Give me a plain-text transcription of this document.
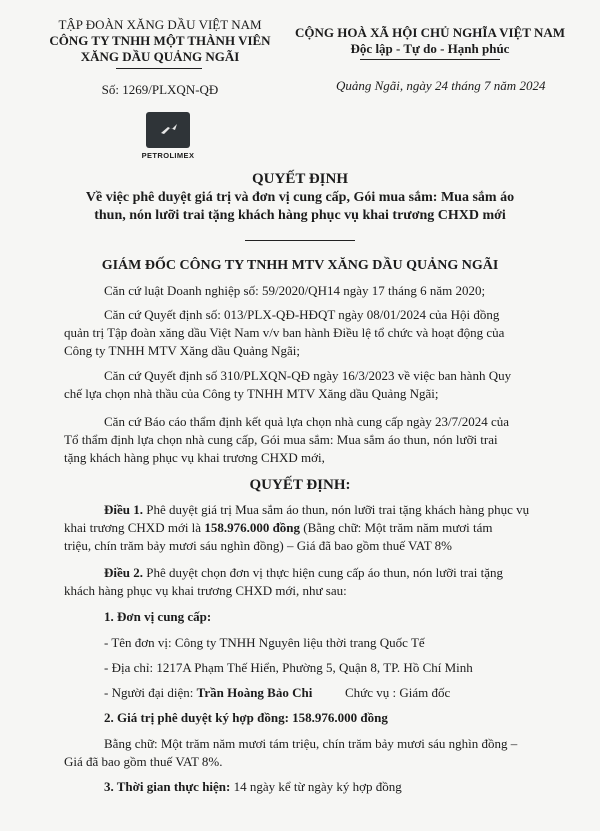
TẬP ĐOÀN XĂNG DẦU VIỆT NAM
CÔNG TY TNHH MỘT THÀNH VIÊN
XĂNG DẦU QUẢNG NGÃI
Số: 1269/PLXQN-QĐ
PETROLIMEX
CỘNG HOÀ XÃ HỘI CHỦ NGHĨA VIỆT NAM
Độc lập - Tự do - Hạnh phúc
Quảng Ngãi, ngày 24 tháng 7 năm 2024
QUYẾT ĐỊNH
Về việc phê duyệt giá trị và đơn vị cung cấp, Gói mua sắm: Mua sắm áo
thun, nón lưỡi trai tặng khách hàng phục vụ khai trương CHXD mới
GIÁM ĐỐC CÔNG TY TNHH MTV XĂNG DẦU QUẢNG NGÃI
Căn cứ luật Doanh nghiệp số: 59/2020/QH14 ngày 17 tháng 6 năm 2020;
Căn cứ Quyết định số: 013/PLX-QĐ-HĐQT ngày 08/01/2024 của Hội đồng
quản trị Tập đoàn xăng dầu Việt Nam v/v ban hành Điều lệ tổ chức và hoạt động của
Công ty TNHH MTV Xăng dầu Quảng Ngãi;
Căn cứ Quyết định số 310/PLXQN-QĐ ngày 16/3/2023 về việc ban hành Quy
chế lựa chọn nhà thầu của Công ty TNHH MTV Xăng dầu Quảng Ngãi;
Căn cứ Báo cáo thẩm định kết quả lựa chọn nhà cung cấp ngày 23/7/2024 của
Tổ thẩm định lựa chọn nhà cung cấp, Gói mua sắm: Mua sắm áo thun, nón lưỡi trai
tặng khách hàng phục vụ khai trương CHXD mới,
QUYẾT ĐỊNH:
Điều 1. Phê duyệt giá trị Mua sắm áo thun, nón lưỡi trai tặng khách hàng phục vụ
khai trương CHXD mới là 158.976.000 đồng (Bằng chữ: Một trăm năm mươi tám
triệu, chín trăm bảy mươi sáu nghìn đồng) – Giá đã bao gồm thuế VAT 8%
Điều 2. Phê duyệt chọn đơn vị thực hiện cung cấp áo thun, nón lưỡi trai tặng
khách hàng phục vụ khai trương CHXD mới, như sau:
1. Đơn vị cung cấp:
- Tên đơn vị: Công ty TNHH Nguyên liệu thời trang Quốc Tế
- Địa chỉ: 1217A Phạm Thế Hiển, Phường 5, Quận 8, TP. Hồ Chí Minh
- Người đại diện: Trần Hoàng Bảo Chi	Chức vụ : Giám đốc
2. Giá trị phê duyệt ký hợp đồng: 158.976.000 đồng
Bằng chữ: Một trăm năm mươi tám triệu, chín trăm bảy mươi sáu nghìn đồng –
Giá đã bao gồm thuế VAT 8%.
3. Thời gian thực hiện: 14 ngày kể từ ngày ký hợp đồng
